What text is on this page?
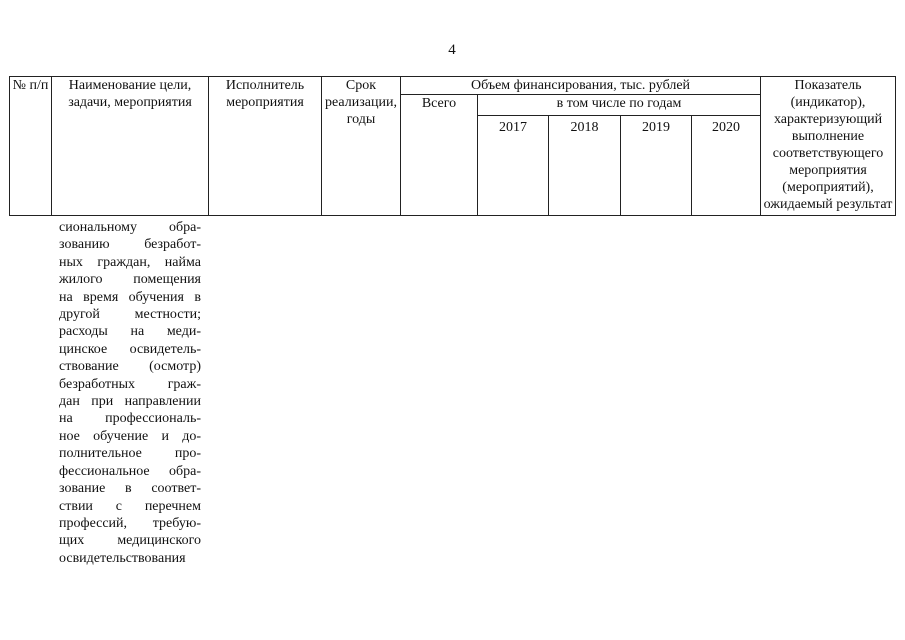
4
№ п/п	Наименование цели, задачи, мероприятия	Исполнитель мероприятия	Срок реализации, годы	Объем финансирования, тыс. рублей					Показатель (индикатор), характеризующий выполнение соответствующего мероприятия (мероприятий), ожидаемый результат

				Всего	в том числе по годам				

					2017	2018	2019	2020	
сиональному обра-
зованию безработ-
ных граждан, найма
жилого помещения
на время обучения в
другой местности;
расходы на меди-
цинское освидетель-
ствование (осмотр)
безработных граж-
дан при направлении
на профессиональ-
ное обучение и до-
полнительное про-
фессиональное обра-
зование в соответ-
ствии с перечнем
профессий, требую-
щих медицинского
освидетельствования
